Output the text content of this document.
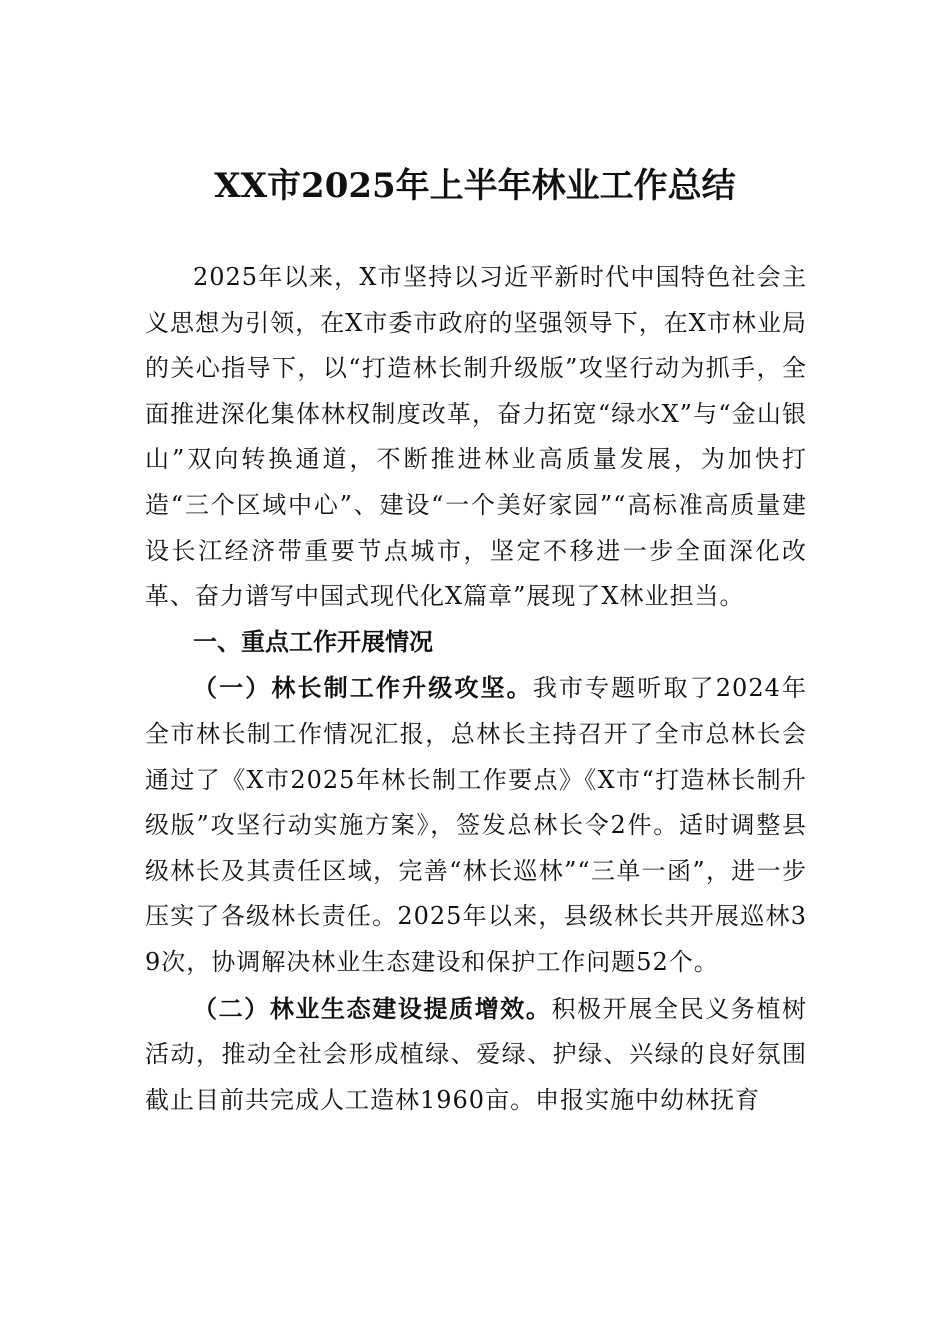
XX市2025年上半年林业工作总结

2025年以来，X市坚持以习近平新时代中国特色社会主义思想为引领，在X市委市政府的坚强领导下，在X市林业局的关心指导下，以“打造林长制升级版”攻坚行动为抓手，全面推进深化集体林权制度改革，奋力拓宽“绿水X”与“金山银山”双向转换通道，不断推进林业高质量发展，为加快打造“三个区域中心”、建设“一个美好家园”“高标准高质量建设长江经济带重要节点城市，坚定不移进一步全面深化改革、奋力谱写中国式现代化X篇章”展现了X林业担当。

一、重点工作开展情况

（一）林长制工作升级攻坚。我市专题听取了2024年全市林长制工作情况汇报，总林长主持召开了全市总林长会通过了《X市2025年林长制工作要点》《X市“打造林长制升级版”攻坚行动实施方案》，签发总林长令2件。适时调整县级林长及其责任区域，完善“林长巡林”“三单一函”，进一步压实了各级林长责任。2025年以来，县级林长共开展巡林39次，协调解决林业生态建设和保护工作问题52个。

（二）林业生态建设提质增效。积极开展全民义务植树活动，推动全社会形成植绿、爱绿、护绿、兴绿的良好氛围截止目前共完成人工造林1960亩。申报实施中幼林抚育
